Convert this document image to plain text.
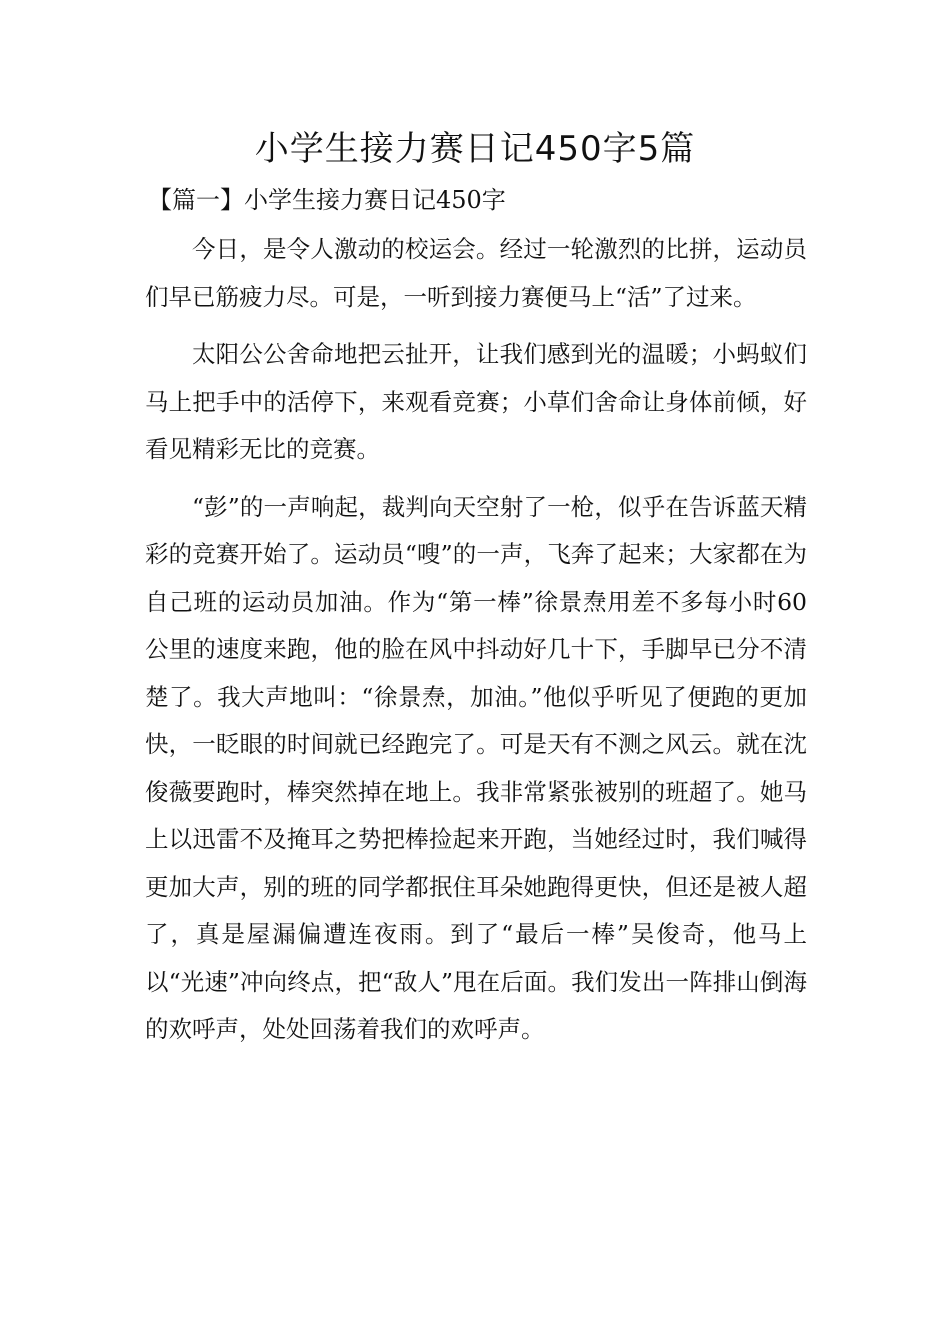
小学生接力赛日记450字5篇
【篇一】小学生接力赛日记450字

今日，是令人激动的校运会。经过一轮激烈的比拼，运动员们早已筋疲力尽。可是，一听到接力赛便马上“活”了过来。

太阳公公舍命地把云扯开，让我们感到光的温暖；小蚂蚁们马上把手中的活停下，来观看竞赛；小草们舍命让身体前倾，好看见精彩无比的竞赛。

“彭”的一声响起，裁判向天空射了一枪，似乎在告诉蓝天精彩的竞赛开始了。运动员“嗖”的一声，飞奔了起来；大家都在为自己班的运动员加油。作为“第一棒”徐景焘用差不多每小时60公里的速度来跑，他的脸在风中抖动好几十下，手脚早已分不清楚了。我大声地叫：“徐景焘，加油。”他似乎听见了便跑的更加快，一眨眼的时间就已经跑完了。可是天有不测之风云。就在沈俊薇要跑时，棒突然掉在地上。我非常紧张被别的班超了。她马上以迅雷不及掩耳之势把棒捡起来开跑，当她经过时，我们喊得更加大声，别的班的同学都抿住耳朵她跑得更快，但还是被人超了，真是屋漏偏遭连夜雨。到了“最后一棒”吴俊奇，他马上以“光速”冲向终点，把“敌人”甩在后面。我们发出一阵排山倒海的欢呼声，处处回荡着我们的欢呼声。
